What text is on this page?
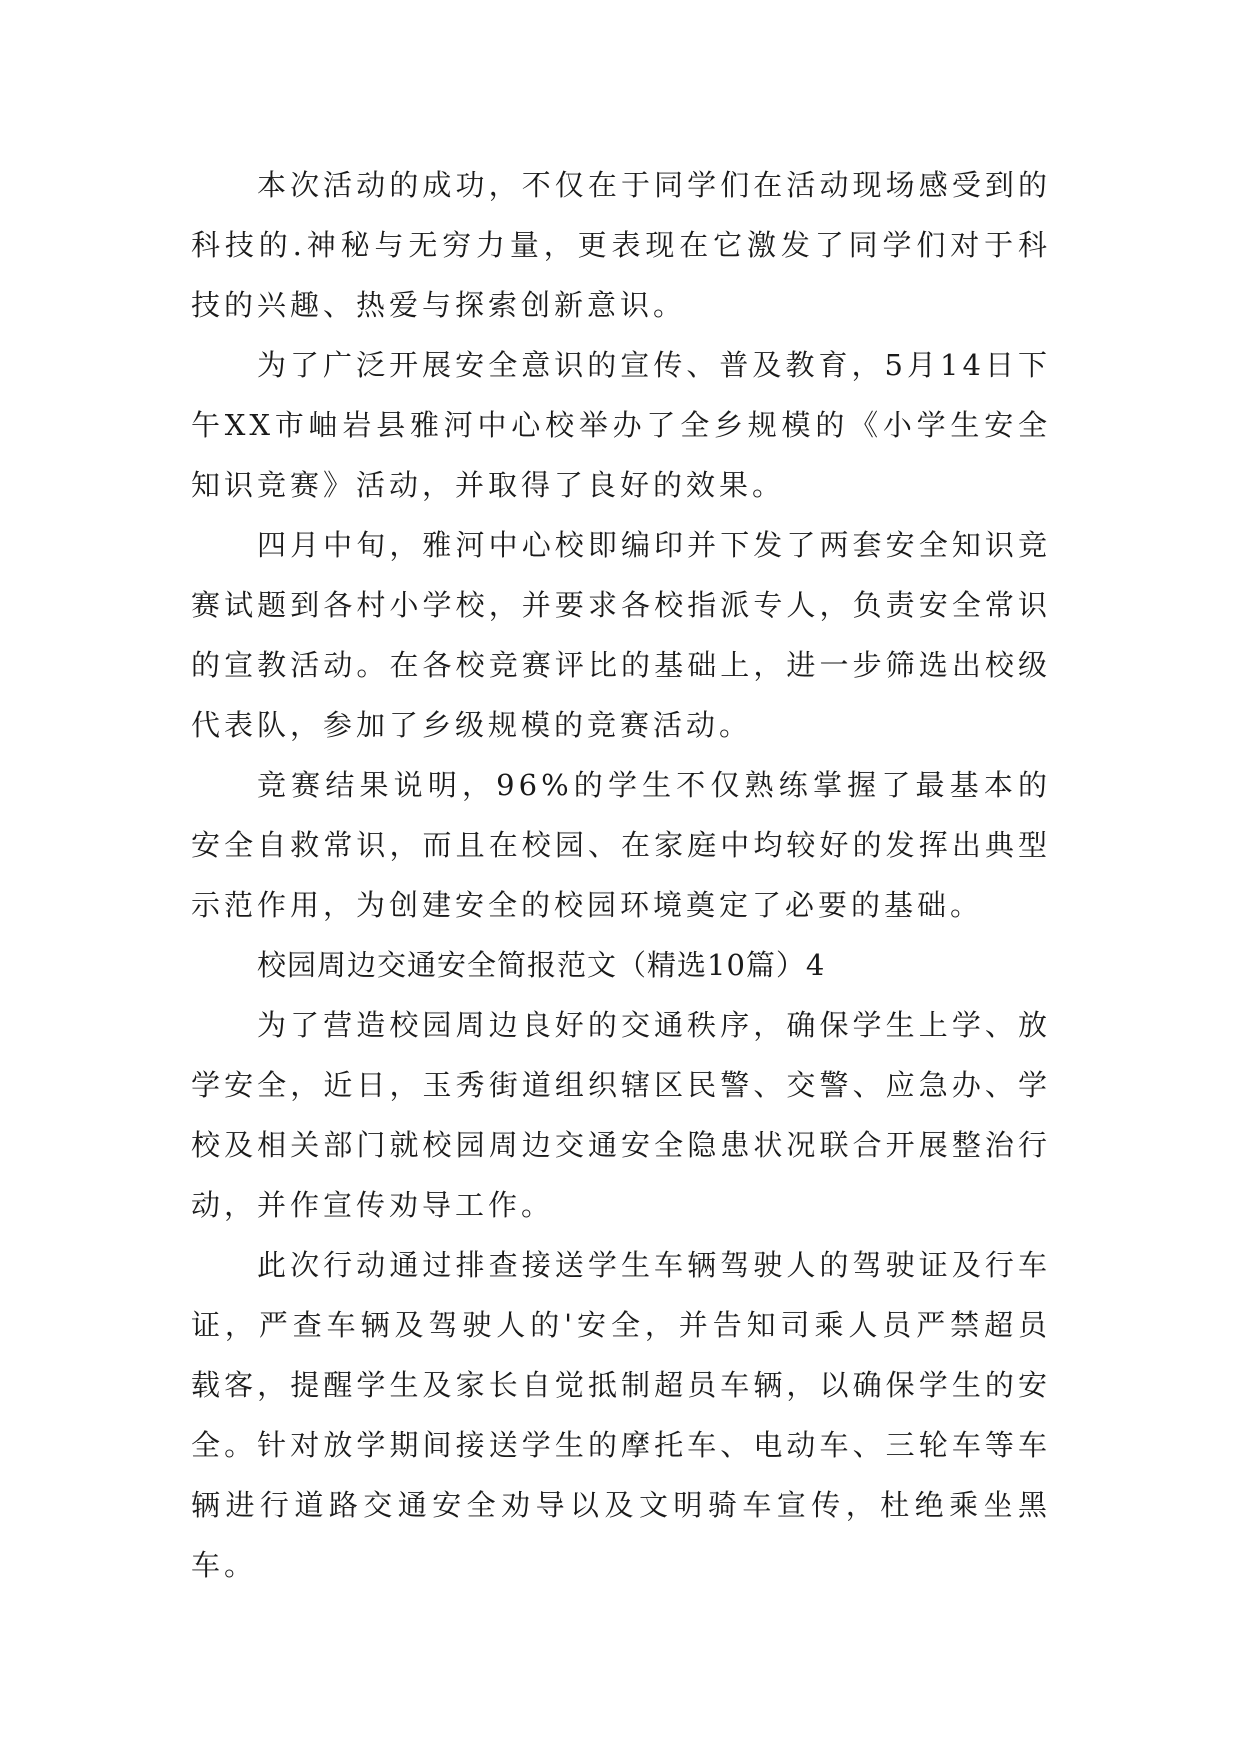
本次活动的成功，不仅在于同学们在活动现场感受到的科技的.神秘与无穷力量，更表现在它激发了同学们对于科技的兴趣、热爱与探索创新意识。

为了广泛开展安全意识的宣传、普及教育，5月14日下午XX市岫岩县雅河中心校举办了全乡规模的《小学生安全知识竞赛》活动，并取得了良好的效果。

四月中旬，雅河中心校即编印并下发了两套安全知识竞赛试题到各村小学校，并要求各校指派专人，负责安全常识的宣教活动。在各校竞赛评比的基础上，进一步筛选出校级代表队，参加了乡级规模的竞赛活动。

竞赛结果说明，96%的学生不仅熟练掌握了最基本的安全自救常识，而且在校园、在家庭中均较好的发挥出典型示范作用，为创建安全的校园环境奠定了必要的基础。

校园周边交通安全简报范文（精选10篇）4

为了营造校园周边良好的交通秩序，确保学生上学、放学安全，近日，玉秀街道组织辖区民警、交警、应急办、学校及相关部门就校园周边交通安全隐患状况联合开展整治行动，并作宣传劝导工作。

此次行动通过排查接送学生车辆驾驶人的驾驶证及行车证，严查车辆及驾驶人的'安全，并告知司乘人员严禁超员载客，提醒学生及家长自觉抵制超员车辆，以确保学生的安全。针对放学期间接送学生的摩托车、电动车、三轮车等车辆进行道路交通安全劝导以及文明骑车宣传，杜绝乘坐黑车。
